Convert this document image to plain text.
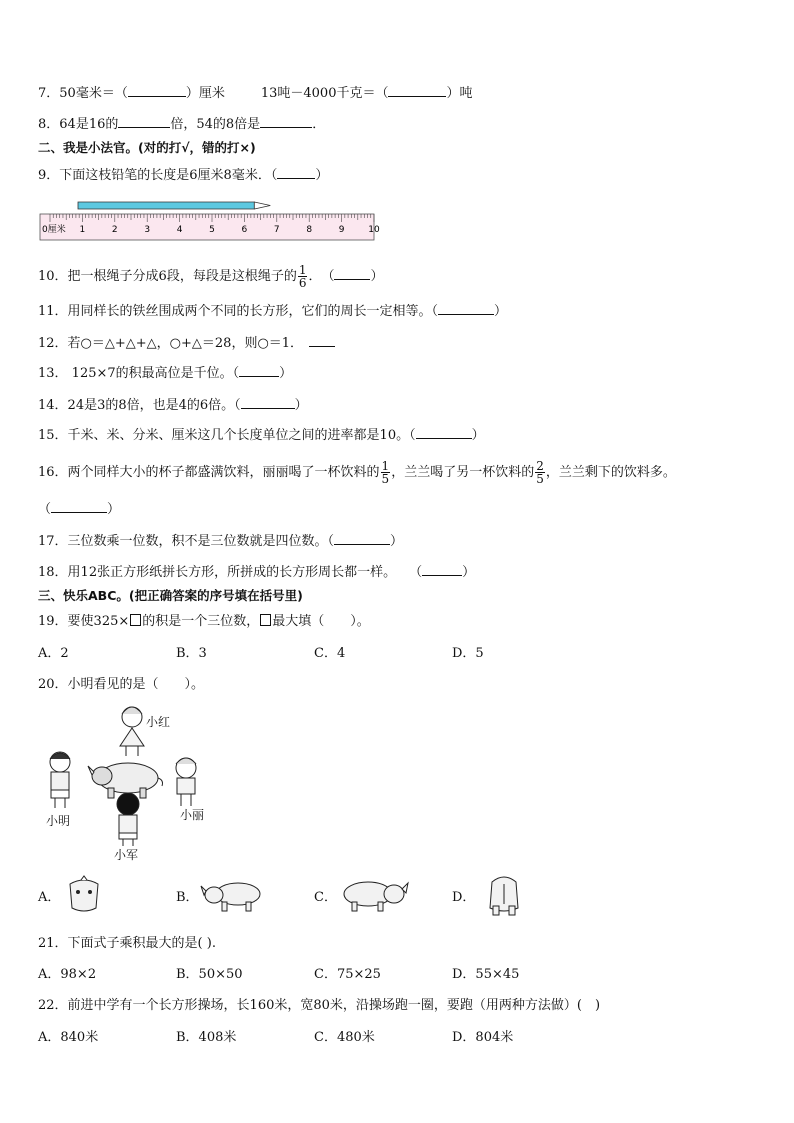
7．50毫米＝（	）厘米	13吨－4000千克＝（	）吨
8．64是16的	倍，54的8倍是	．
二、我是小法官。(对的打√，错的打×)
9．下面这枝铅笔的长度是6厘米8毫米．（	）
1	2	3	4	5	6	7	8	9	10
0厘米
10．把一根绳子分成6段，每段是这根绳子的 $\frac{1}{6}$ ．　（	）
11．用同样长的铁丝围成两个不同的长方形，它们的周长一定相等。（	）
12．若○＝△+△+△，○+△＝28，则○＝1．
13． 125×7的积最高位是千位。（	）
14．24是3的8倍，也是4的6倍。（	）
15．千米、米、分米、厘米这几个长度单位之间的进率都是10。（	）
16．两个同样大小的杯子都盛满饮料，丽丽喝了一杯饮料的 $\frac{1}{5}$ ，兰兰喝了另一杯饮料的 $\frac{2}{5}$ ，兰兰剩下的饮料多。
（	）
17．三位数乘一位数，积不是三位数就是四位数。（	）
18．用12张正方形纸拼长方形，所拼成的长方形周长都一样。　　（	）
三、快乐ABC。(把正确答案的序号填在括号里)
19．要使325× 的积是一个三位数， 最大填（　　）。
A．2	B．3	C．4	D．5
20．小明看见的是（　　）。
小红
小明	小丽
小军
A．	B．	C．	D．
21．下面式子乘积最大的是( ).
A．98×2	B．50×50	C．75×25	D．55×45
22．前进中学有一个长方形操场，长160米，宽80米，沿操场跑一圈，要跑（用两种方法做）(　)
A．840米	B．408米	C．480米	D．804米
